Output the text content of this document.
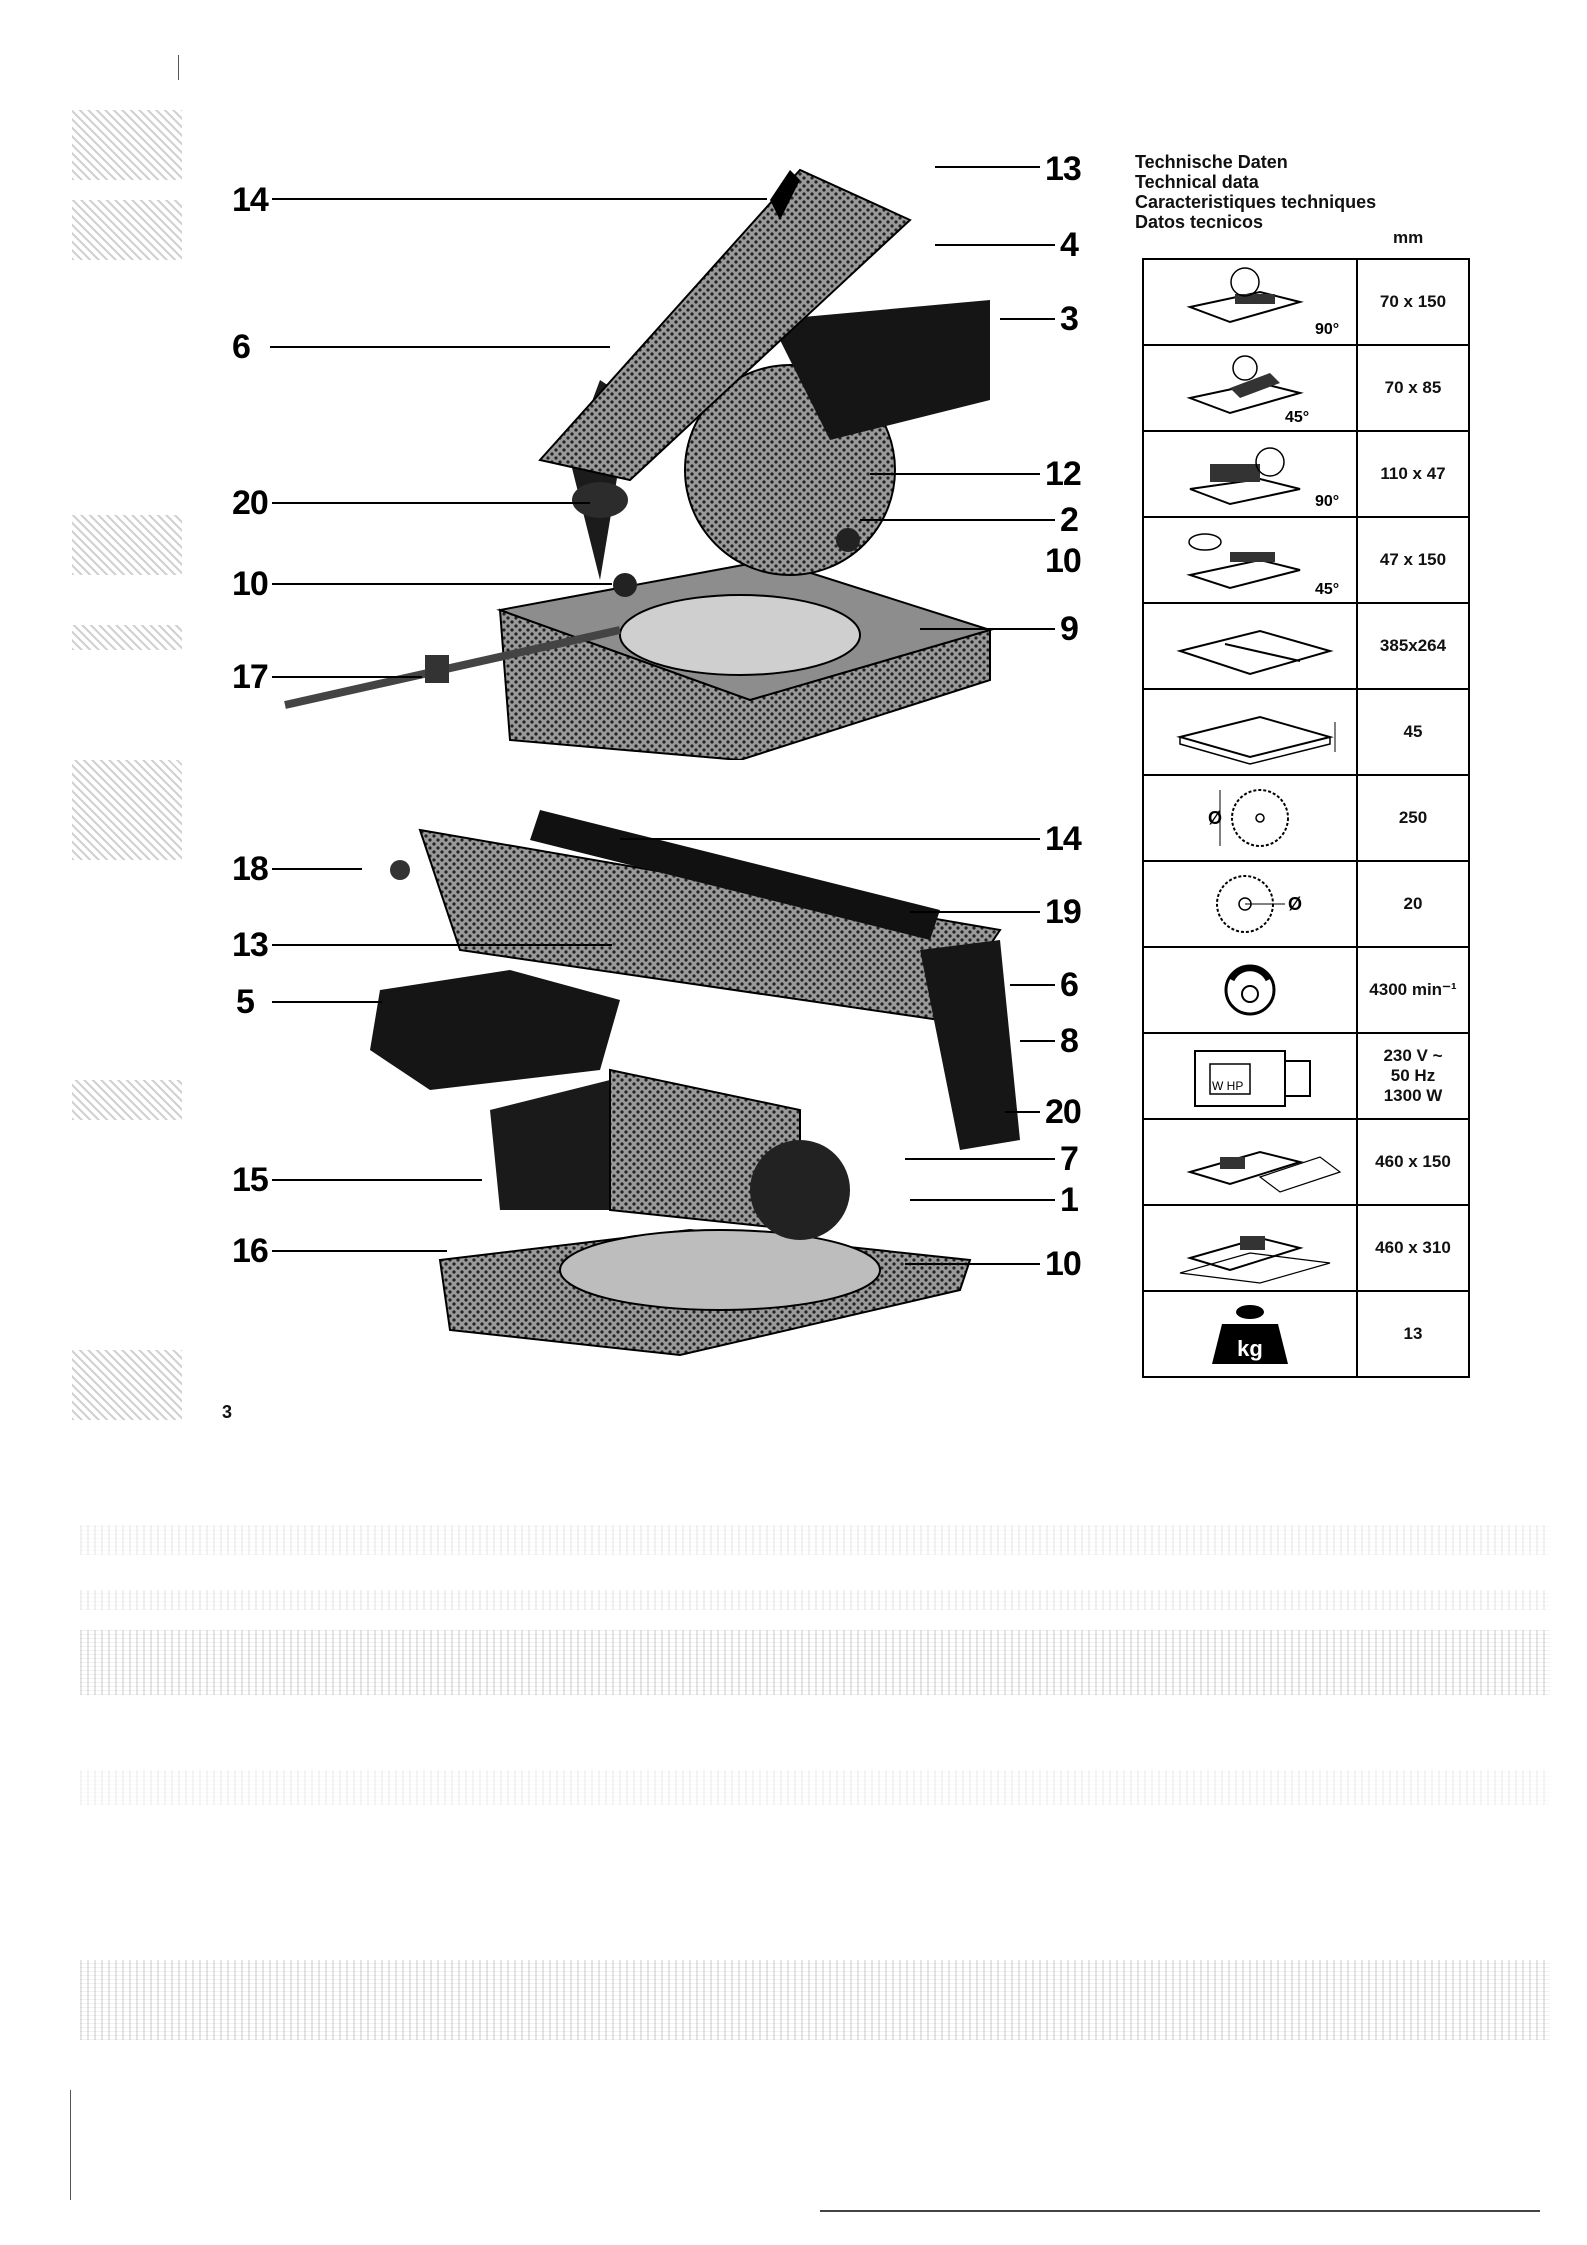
14
6
20
10
17
13
4
3
12
2
10
9
18
13
5
15
16
14
19
6
8
20
7
1
10
Technische Daten
Technical data
Caracteristiques techniques
Datos tecnicos
mm
90°	70 x 150

45°	70 x 85

90°	110 x 47

45°	47 x 150

	385x264

	45

Ø	250

Ø	20

	4300 min⁻¹

W HP	230 V ~
50 Hz
1300 W

	460 x 150

	460 x 310

kg	13
3
